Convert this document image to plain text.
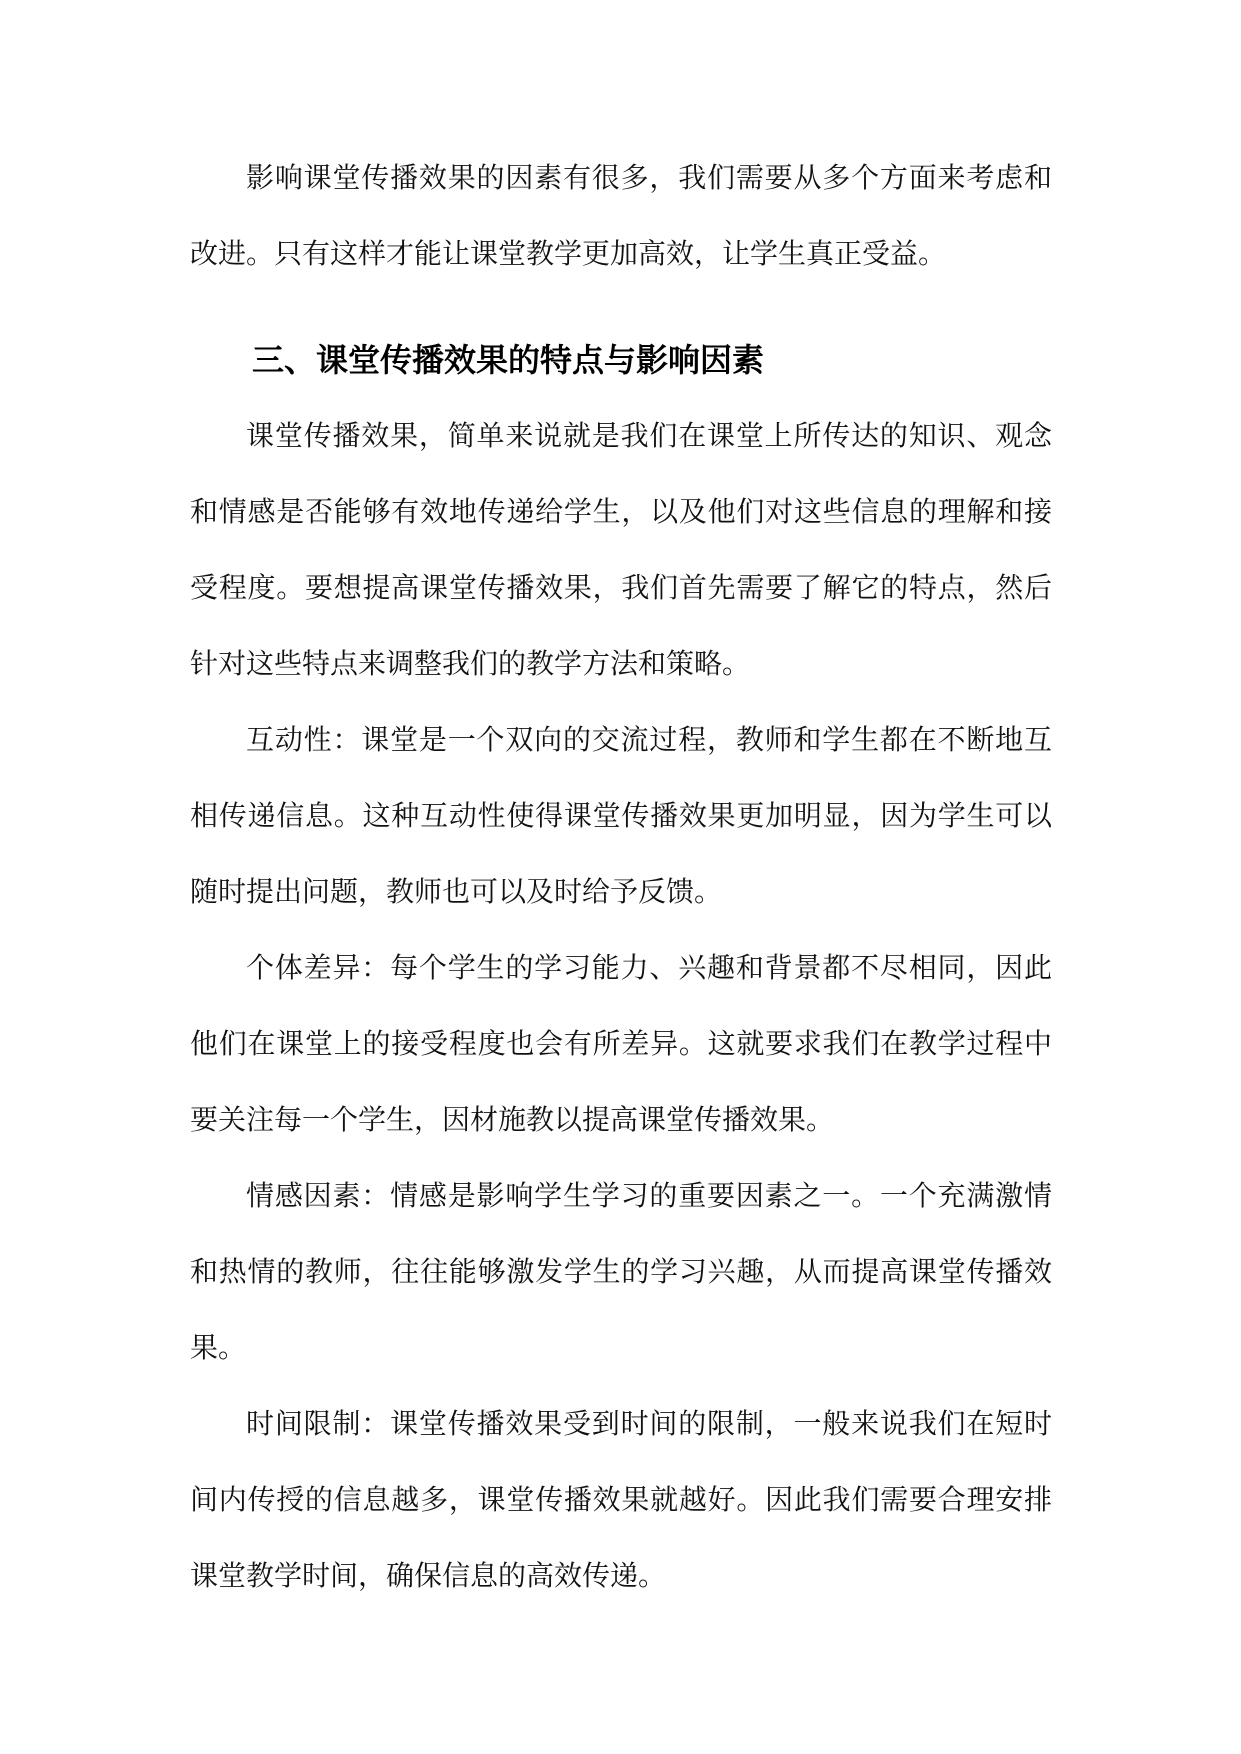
影响课堂传播效果的因素有很多，我们需要从多个方面来考虑和改进。只有这样才能让课堂教学更加高效，让学生真正受益。

三、课堂传播效果的特点与影响因素

课堂传播效果，简单来说就是我们在课堂上所传达的知识、观念和情感是否能够有效地传递给学生，以及他们对这些信息的理解和接受程度。要想提高课堂传播效果，我们首先需要了解它的特点，然后针对这些特点来调整我们的教学方法和策略。

互动性：课堂是一个双向的交流过程，教师和学生都在不断地互相传递信息。这种互动性使得课堂传播效果更加明显，因为学生可以随时提出问题，教师也可以及时给予反馈。

个体差异：每个学生的学习能力、兴趣和背景都不尽相同，因此他们在课堂上的接受程度也会有所差异。这就要求我们在教学过程中要关注每一个学生，因材施教以提高课堂传播效果。

情感因素：情感是影响学生学习的重要因素之一。一个充满激情和热情的教师，往往能够激发学生的学习兴趣，从而提高课堂传播效果。

时间限制：课堂传播效果受到时间的限制，一般来说我们在短时间内传授的信息越多，课堂传播效果就越好。因此我们需要合理安排课堂教学时间，确保信息的高效传递。
